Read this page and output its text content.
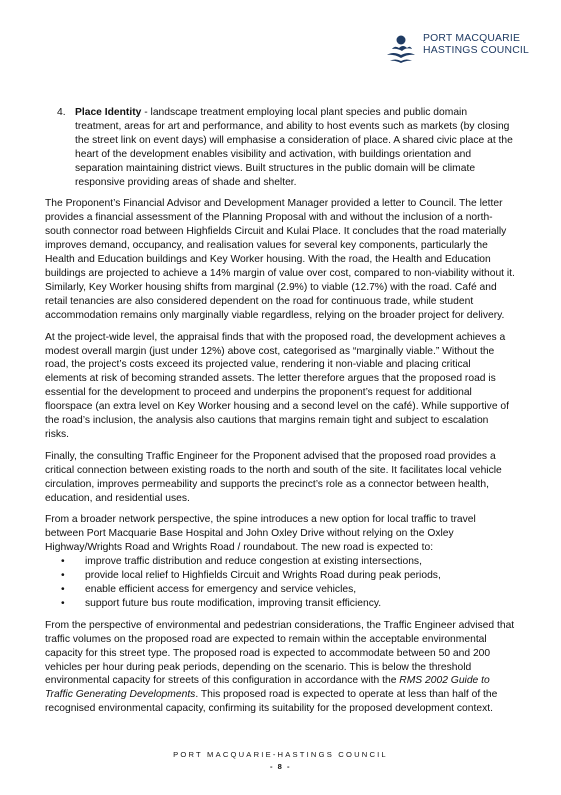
PORT MACQUARIE
HASTINGS COUNCIL
4. Place Identity - landscape treatment employing local plant species and public domain treatment, areas for art and performance, and ability to host events such as markets (by closing the street link on event days) will emphasise a consideration of place. A shared civic place at the heart of the development enables visibility and activation, with buildings orientation and separation maintaining district views. Built structures in the public domain will be climate responsive providing areas of shade and shelter.

The Proponent’s Financial Advisor and Development Manager provided a letter to Council. The letter provides a financial assessment of the Planning Proposal with and without the inclusion of a north-south connector road between Highfields Circuit and Kulai Place. It concludes that the road materially improves demand, occupancy, and realisation values for several key components, particularly the Health and Education buildings and Key Worker housing. With the road, the Health and Education buildings are projected to achieve a 14% margin of value over cost, compared to non-viability without it. Similarly, Key Worker housing shifts from marginal (2.9%) to viable (12.7%) with the road. Café and retail tenancies are also considered dependent on the road for continuous trade, while student accommodation remains only marginally viable regardless, relying on the broader project for delivery.

At the project-wide level, the appraisal finds that with the proposed road, the development achieves a modest overall margin (just under 12%) above cost, categorised as “marginally viable.” Without the road, the project’s costs exceed its projected value, rendering it non-viable and placing critical elements at risk of becoming stranded assets. The letter therefore argues that the proposed road is essential for the development to proceed and underpins the proponent’s request for additional floorspace (an extra level on Key Worker housing and a second level on the café). While supportive of the road’s inclusion, the analysis also cautions that margins remain tight and subject to escalation risks.

Finally, the consulting Traffic Engineer for the Proponent advised that the proposed road provides a critical connection between existing roads to the north and south of the site. It facilitates local vehicle circulation, improves permeability and supports the precinct’s role as a connector between health, education, and residential uses.

From a broader network perspective, the spine introduces a new option for local traffic to travel between Port Macquarie Base Hospital and John Oxley Drive without relying on the Oxley Highway/Wrights Road and Wrights Road / roundabout. The new road is expected to:

• improve traffic distribution and reduce congestion at existing intersections,
• provide local relief to Highfields Circuit and Wrights Road during peak periods,
• enable efficient access for emergency and service vehicles,
• support future bus route modification, improving transit efficiency.

From the perspective of environmental and pedestrian considerations, the Traffic Engineer advised that traffic volumes on the proposed road are expected to remain within the acceptable environmental capacity for this street type. The proposed road is expected to accommodate between 50 and 200 vehicles per hour during peak periods, depending on the scenario. This is below the threshold environmental capacity for streets of this configuration in accordance with the RMS 2002 Guide to Traffic Generating Developments. This proposed road is expected to operate at less than half of the recognised environmental capacity, confirming its suitability for the proposed development context.

PORT MACQUARIE-HASTINGS COUNCIL
- 8 -
